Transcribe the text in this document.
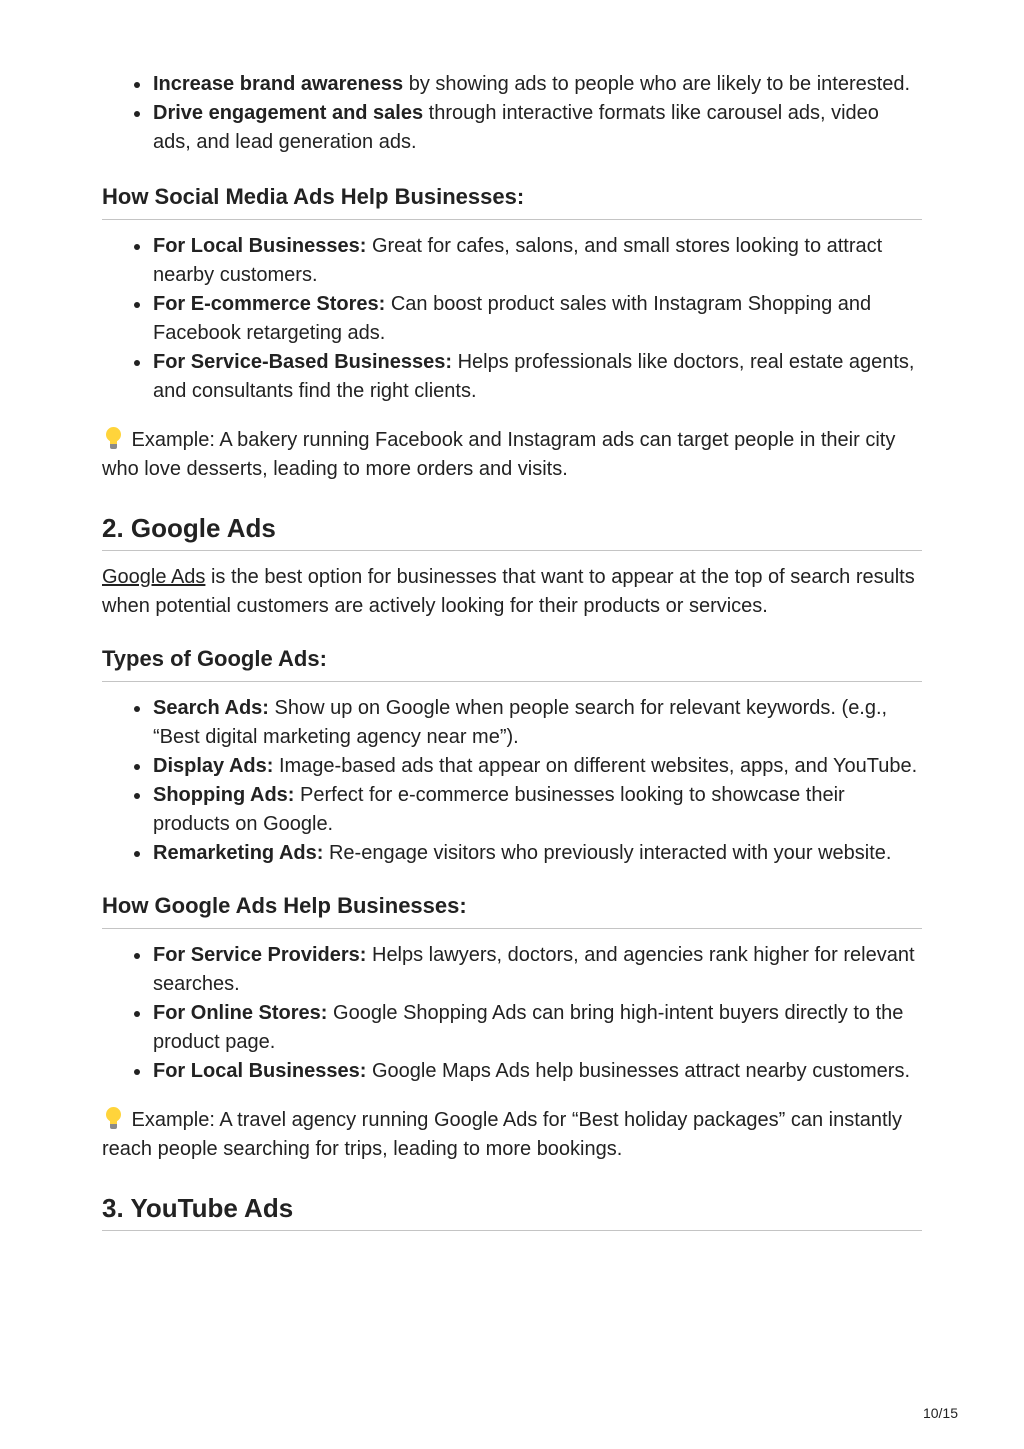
Increase brand awareness by showing ads to people who are likely to be interested.
Drive engagement and sales through interactive formats like carousel ads, video ads, and lead generation ads.
How Social Media Ads Help Businesses:
For Local Businesses: Great for cafes, salons, and small stores looking to attract nearby customers.
For E-commerce Stores: Can boost product sales with Instagram Shopping and Facebook retargeting ads.
For Service-Based Businesses: Helps professionals like doctors, real estate agents, and consultants find the right clients.

Example: A bakery running Facebook and Instagram ads can target people in their city who love desserts, leading to more orders and visits.

2. Google Ads

Google Ads is the best option for businesses that want to appear at the top of search results when potential customers are actively looking for their products or services.

Types of Google Ads:
Search Ads: Show up on Google when people search for relevant keywords. (e.g., “Best digital marketing agency near me”).
Display Ads: Image-based ads that appear on different websites, apps, and YouTube.
Shopping Ads: Perfect for e-commerce businesses looking to showcase their products on Google.
Remarketing Ads: Re-engage visitors who previously interacted with your website.
How Google Ads Help Businesses:
For Service Providers: Helps lawyers, doctors, and agencies rank higher for relevant searches.
For Online Stores: Google Shopping Ads can bring high-intent buyers directly to the product page.
For Local Businesses: Google Maps Ads help businesses attract nearby customers.

Example: A travel agency running Google Ads for “Best holiday packages” can instantly reach people searching for trips, leading to more bookings.

3. YouTube Ads
10/15
